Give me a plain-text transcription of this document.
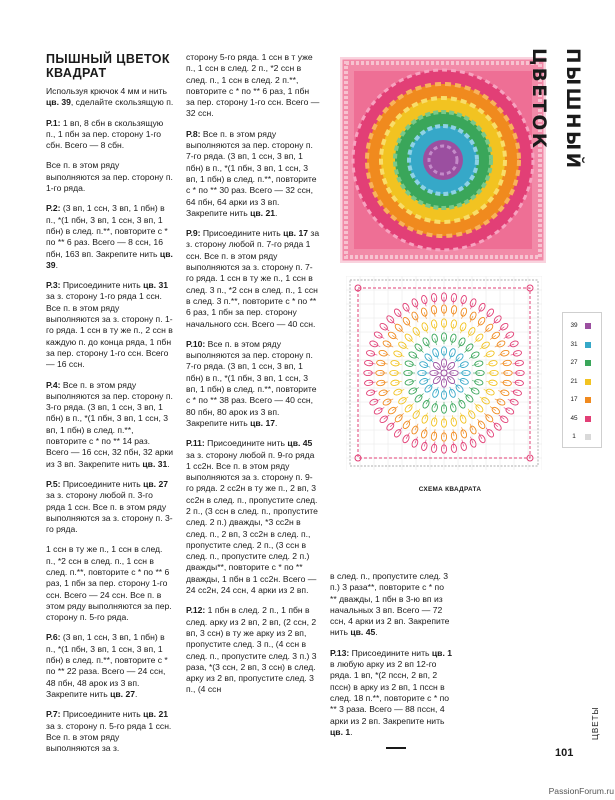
ПЫШНЫЙ ЦВЕТОК
КВАДРАТ

Используя крючок 4 мм и нить цв. 39, сделайте скользящую п.

Р.1: 1 вп, 8 сбн в скользящую п., 1 пбн за пер. сторону 1-го сбн. Всего — 8 сбн.

Все п. в этом ряду выполняются за пер. сторону п. 1-го ряда.

Р.2: (3 вп, 1 ссн, 3 вп, 1 пбн) в п., *(1 пбн, 3 вп, 1 ссн, 3 вп, 1 пбн) в след. п.**, повторите с * по ** 6 раз. Всего — 8 ссн, 16 пбн, 163 вп. Закрепите нить цв. 39.

Р.3: Присоедините нить цв. 31 за з. сторону 1-го ряда 1 ссн. Все п. в этом ряду выполняются за з. сторону п. 1-го ряда. 1 ссн в ту же п., 2 ссн в каждую п. до конца ряда, 1 пбн за пер. сторону 1-го ссн. Всего — 16 ссн.

Р.4: Все п. в этом ряду выполняются за пер. сторону п. 3-го ряда. (3 вп, 1 ссн, 3 вп, 1 пбн) в п., *(1 пбн, 3 вп, 1 ссн, 3 вп, 1 пбн) в след. п.**, повторите с * по ** 14 раз. Всего — 16 ссн, 32 пбн, 32 арки из 3 вп. Закрепите нить цв. 31.

Р.5: Присоедините нить цв. 27 за з. сторону любой п. 3-го ряда 1 ссн. Все п. в этом ряду выполняются за з. сторону п. 3-го ряда.

1 ссн в ту же п., 1 ссн в след. п., *2 ссн в след. п., 1 ссн в след. п.**, повторите с * по ** 6 раз, 1 пбн за пер. сторону 1-го ссн. Всего — 24 ссн. Все п. в этом ряду выполняются за пер. сторону п. 5-го ряда.

Р.6: (3 вп, 1 ссн, 3 вп, 1 пбн) в п., *(1 пбн, 3 вп, 1 ссн, 3 вп, 1 пбн) в след. п.**, повторите с * по ** 22 раза. Всего — 24 ссн, 48 пбн, 48 арок из 3 вп. Закрепите нить цв. 27.

Р.7: Присоедините нить цв. 21 за з. сторону п. 5-го ряда 1 ссн. Все п. в этом ряду выполняются за з.

сторону 5-го ряда. 1 ссн в т уже п., 1 ссн в след. 2 п., *2 ссн в след. п., 1 ссн в след. 2 п.**, повторите с * по ** 6 раз, 1 пбн за пер. сторону 1-го ссн. Всего — 32 ссн.

Р.8: Все п. в этом ряду выполняются за пер. сторону п. 7-го ряда. (3 вп, 1 ссн, 3 вп, 1 пбн) в п., *(1 пбн, 3 вп, 1 ссн, 3 вп, 1 пбн) в след. п.**, повторите с * по ** 30 раз. Всего — 32 ссн, 64 пбн, 64 арки из 3 вп. Закрепите нить цв. 21.

Р.9: Присоедините нить цв. 17 за з. сторону любой п. 7-го ряда 1 ссн. Все п. в этом ряду выполняются за з. сторону п. 7-го ряда. 1 ссн в ту же п., 1 ссн в след. 3 п., *2 ссн в след. п., 1 ссн в след. 3 п.**, повторите с * по ** 6 раз, 1 пбн за пер. сторону начального ссн. Всего — 40 ссн.

Р.10: Все п. в этом ряду выполняются за пер. сторону п. 7-го ряда. (3 вп, 1 ссн, 3 вп, 1 пбн) в п., *(1 пбн, 3 вп, 1 ссн, 3 вп, 1 пбн) в след. п.**, повторите с * по ** 38 раз. Всего — 40 ссн, 80 пбн, 80 арок из 3 вп. Закрепите нить цв. 17.

Р.11: Присоедините нить цв. 45 за з. сторону любой п. 9-го ряда 1 сс2н. Все п. в этом ряду выполняются за з. сторону п. 9-го ряда. 2 сс2н в ту же п., 2 вп, 3 сс2н в след. п., пропустите след. 2 п., (3 ссн в след. п., пропустите след. 2 п.) дважды, *3 сс2н в след. п., 2 вп, 3 сс2н в след. п., пропустите след. 2 п., (3 ссн в след. п., пропустите след. 2 п.) дважды**, повторите с * по ** дважды, 1 пбн в 1 сс2н. Всего — 24 сс2н, 24 ссн, 4 арки из 2 вп.

Р.12: 1 пбн в след. 2 п., 1 пбн в след. арку из 2 вп, 2 вп, (2 ссн, 2 вп, 3 ссн) в ту же арку из 2 вп, пропустите след. 3 п., (4 ссн в след. п., пропустите след. 3 п.) 3 раза, *(3 ссн, 2 вп, 3 ссн) в след. арку из 2 вп, пропустите след. 3 п., (4 ссн

в след. п., пропустите след. 3 п.) 3 раза**, повторите с * по ** дважды, 1 пбн в 3-ю вп из начальных 3 вп. Всего — 72 ссн, 4 арки из 2 вп. Закрепите нить цв. 45.

Р.13: Присоедините нить цв. 1 в любую арку из 2 вп 12-го ряда. 1 вп, *(2 пссн, 2 вп, 2 пссн) в арку из 2 вп, 1 пссн в след. 18 п.**, повторите с * по ** 3 раза. Всего — 88 пссн, 4 арки из 2 вп. Закрепите нить цв. 1.

СХЕМА КВАДРАТА
39
31
27
21
17
45
1
ПЫШНЫЙ ЦВЕТОК
ЦВЕТЫ
101
PassionForum.ru
